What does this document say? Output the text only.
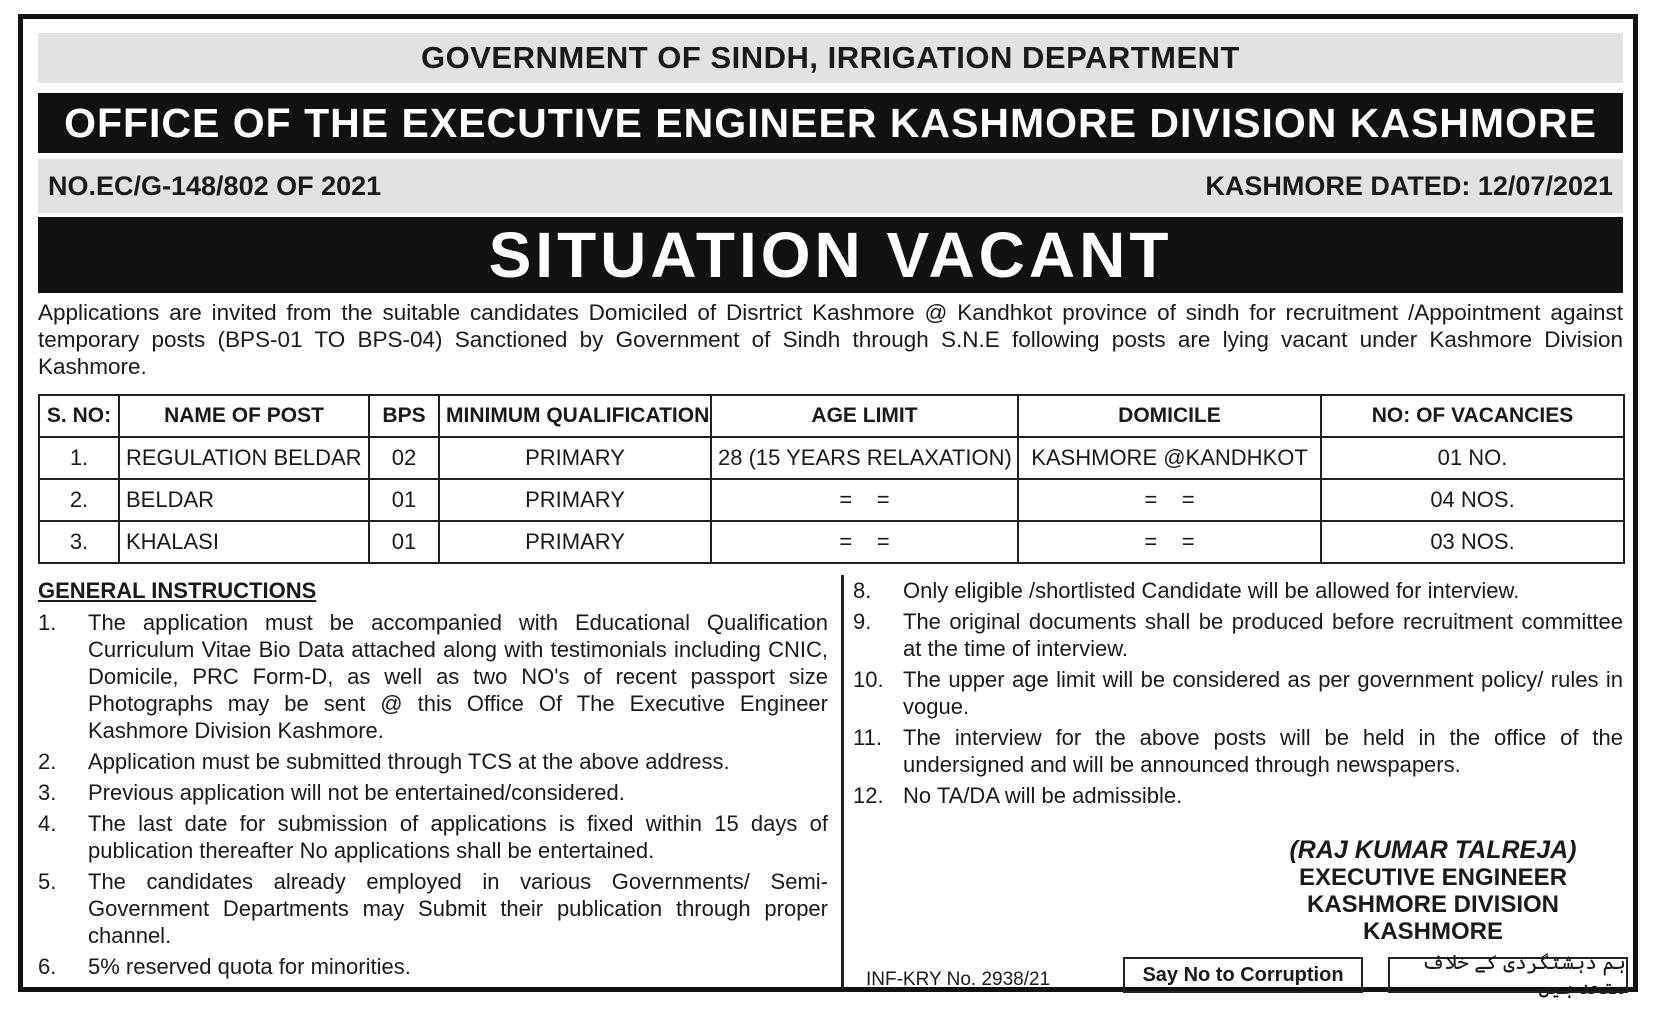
GOVERNMENT OF SINDH, IRRIGATION DEPARTMENT
OFFICE OF THE EXECUTIVE ENGINEER KASHMORE DIVISION KASHMORE
NO.EC/G-148/802 OF 2021	KASHMORE DATED: 12/07/2021
SITUATION VACANT
Applications are invited from the suitable candidates Domiciled of Disrtrict Kashmore @ Kandhkot province of sindh for recruitment /Appointment against temporary posts (BPS-01 TO BPS-04) Sanctioned by Government of Sindh through S.N.E following posts are lying vacant under Kashmore Division Kashmore.
S. NO:	NAME OF POST	BPS	MINIMUM QUALIFICATION	AGE LIMIT	DOMICILE	NO: OF VACANCIES
1.	REGULATION BELDAR	02	PRIMARY	28 (15 YEARS RELAXATION)	KASHMORE @KANDHKOT	01 NO.
2.	BELDAR	01	PRIMARY	=    =	=    =	04 NOS.
3.	KHALASI	01	PRIMARY	=    =	=    =	03 NOS.
GENERAL INSTRUCTIONS
1.	The application must be accompanied with Educational Qualification Curriculum Vitae Bio Data attached along with testimonials including CNIC, Domicile, PRC Form-D, as well as two NO's of recent passport size Photographs may be sent @ this Office Of The Executive Engineer Kashmore Division Kashmore.
2.	Application must be submitted through TCS at the above address.
3.	Previous application will not be entertained/considered.
4.	The last date for submission of applications is fixed within 15 days of publication thereafter No applications shall be entertained.
5.	The candidates already employed in various Governments/ Semi-Government Departments may Submit their publication through proper channel.
6.	5% reserved quota for minorities.
8.	Only eligible /shortlisted Candidate will be allowed for interview.
9.	The original documents shall be produced before recruitment committee at the time of interview.
10. The upper age limit will be considered as per government policy/ rules in vogue.
11. The interview for the above posts will be held in the office of the undersigned and will be announced through newspapers.
12. No TA/DA will be admissible.
(RAJ KUMAR TALREJA)
EXECUTIVE ENGINEER
KASHMORE DIVISION
KASHMORE
INF-KRY No. 2938/21	Say No to Corruption
ہم دہشتگردی کے خلاف متحد ہیں
